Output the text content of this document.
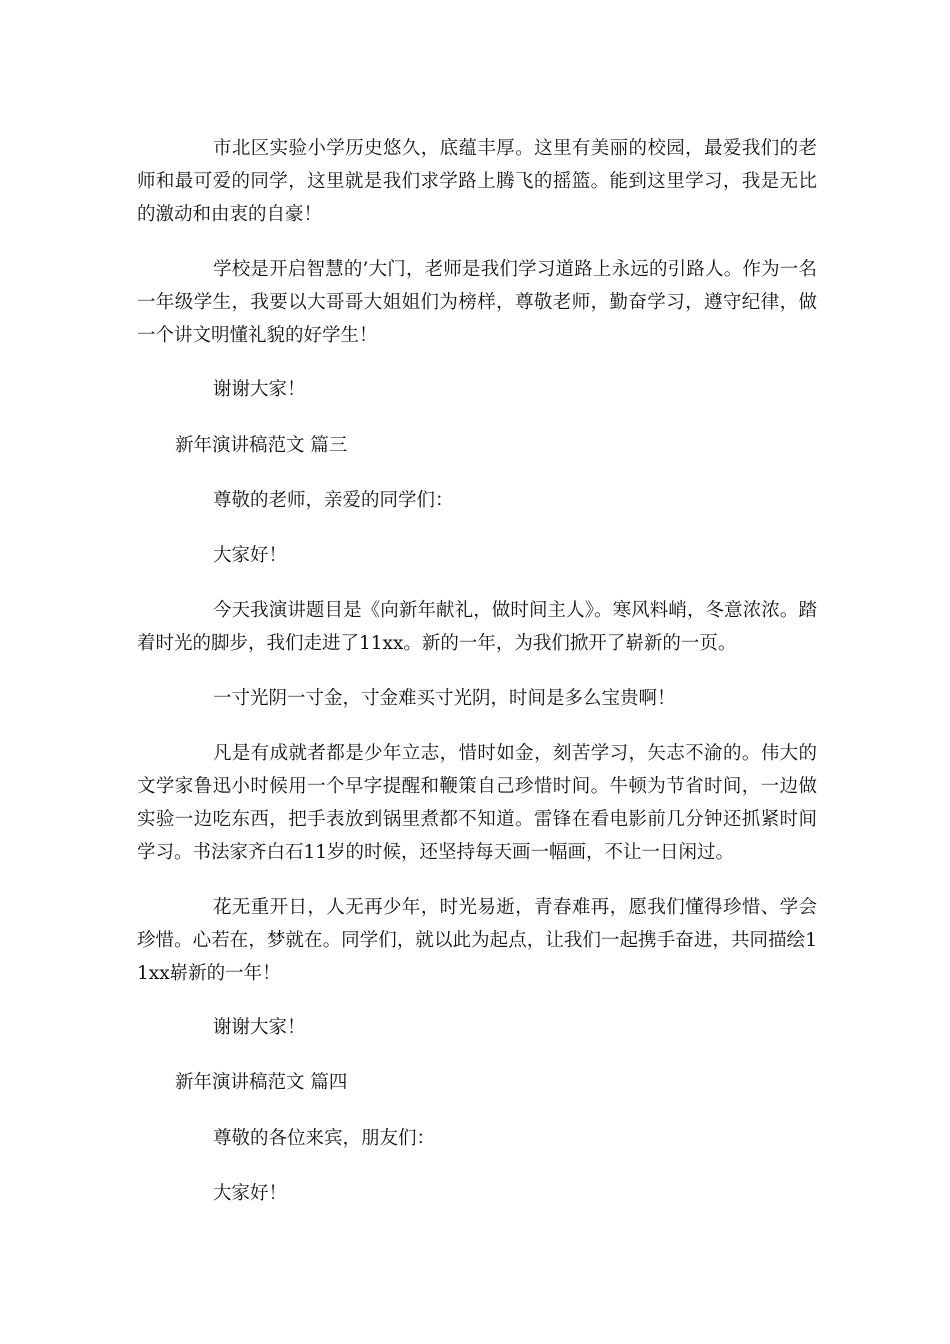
市北区实验小学历史悠久，底蕴丰厚。这里有美丽的校园，最爱我们的老师和最可爱的同学，这里就是我们求学路上腾飞的摇篮。能到这里学习，我是无比的激动和由衷的自豪！

学校是开启智慧的’大门，老师是我们学习道路上永远的引路人。作为一名一年级学生，我要以大哥哥大姐姐们为榜样，尊敬老师，勤奋学习，遵守纪律，做一个讲文明懂礼貌的好学生！

谢谢大家！

新年演讲稿范文 篇三

尊敬的老师，亲爱的同学们：

大家好！

今天我演讲题目是《向新年献礼，做时间主人》。寒风料峭，冬意浓浓。踏着时光的脚步，我们走进了11xx。新的一年，为我们掀开了崭新的一页。

一寸光阴一寸金，寸金难买寸光阴，时间是多么宝贵啊！

凡是有成就者都是少年立志，惜时如金，刻苦学习，矢志不渝的。伟大的文学家鲁迅小时候用一个早字提醒和鞭策自己珍惜时间。牛顿为节省时间，一边做实验一边吃东西，把手表放到锅里煮都不知道。雷锋在看电影前几分钟还抓紧时间学习。书法家齐白石11岁的时候，还坚持每天画一幅画，不让一日闲过。

花无重开日，人无再少年，时光易逝，青春难再，愿我们懂得珍惜、学会珍惜。心若在，梦就在。同学们，就以此为起点，让我们一起携手奋进，共同描绘11xx崭新的一年！

谢谢大家！

新年演讲稿范文 篇四

尊敬的各位来宾，朋友们：

大家好！
